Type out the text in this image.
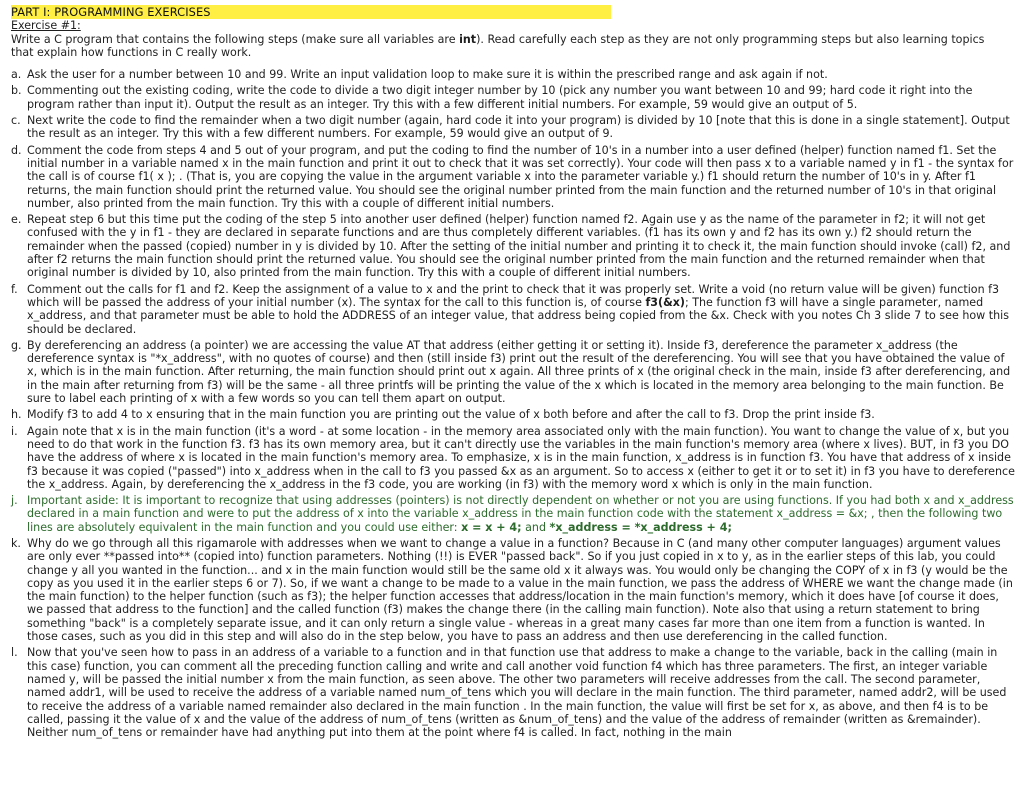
PART I: PROGRAMMING EXERCISES
Exercise #1:
Write a C program that contains the following steps (make sure all variables are int). Read carefully each step as they are not only programming steps but also learning topics that explain how functions in C really work.
a. Ask the user for a number between 10 and 99. Write an input validation loop to make sure it is within the prescribed range and ask again if not.
b. Commenting out the existing coding, write the code to divide a two digit integer number by 10 (pick any number you want between 10 and 99; hard code it right into the program rather than input it). Output the result as an integer. Try this with a few different initial numbers. For example, 59 would give an output of 5.
c. Next write the code to find the remainder when a two digit number (again, hard code it into your program) is divided by 10 [note that this is done in a single statement]. Output the result as an integer. Try this with a few different numbers. For example, 59 would give an output of 9.
d. Comment the code from steps 4 and 5 out of your program, and put the coding to find the number of 10's in a number into a user defined (helper) function named f1. Set the initial number in a variable named x in the main function and print it out to check that it was set correctly). Your code will then pass x to a variable named y in f1 - the syntax for the call is of course f1( x ); . (That is, you are copying the value in the argument variable x into the parameter variable y.) f1 should return the number of 10's in y. After f1 returns, the main function should print the returned value. You should see the original number printed from the main function and the returned number of 10's in that original number, also printed from the main function. Try this with a couple of different initial numbers.
e. Repeat step 6 but this time put the coding of the step 5 into another user defined (helper) function named f2. Again use y as the name of the parameter in f2; it will not get confused with the y in f1 - they are declared in separate functions and are thus completely different variables. (f1 has its own y and f2 has its own y.) f2 should return the remainder when the passed (copied) number in y is divided by 10. After the setting of the initial number and printing it to check it, the main function should invoke (call) f2, and after f2 returns the main function should print the returned value. You should see the original number printed from the main function and the returned remainder when that original number is divided by 10, also printed from the main function. Try this with a couple of different initial numbers.
f. Comment out the calls for f1 and f2. Keep the assignment of a value to x and the print to check that it was properly set. Write a void (no return value will be given) function f3 which will be passed the address of your initial number (x). The syntax for the call to this function is, of course f3(&x); The function f3 will have a single parameter, named x_address, and that parameter must be able to hold the ADDRESS of an integer value, that address being copied from the &x. Check with you notes Ch 3 slide 7 to see how this should be declared.
g. By dereferencing an address (a pointer) we are accessing the value AT that address (either getting it or setting it). Inside f3, dereference the parameter x_address (the dereference syntax is "*x_address", with no quotes of course) and then (still inside f3) print out the result of the dereferencing. You will see that you have obtained the value of x, which is in the main function. After returning, the main function should print out x again. All three prints of x (the original check in the main, inside f3 after dereferencing, and in the main after returning from f3) will be the same - all three printfs will be printing the value of the x which is located in the memory area belonging to the main function. Be sure to label each printing of x with a few words so you can tell them apart on output.
h. Modify f3 to add 4 to x ensuring that in the main function you are printing out the value of x both before and after the call to f3. Drop the print inside f3.
i. Again note that x is in the main function (it's a word - at some location - in the memory area associated only with the main function). You want to change the value of x, but you need to do that work in the function f3. f3 has its own memory area, but it can't directly use the variables in the main function's memory area (where x lives). BUT, in f3 you DO have the address of where x is located in the main function's memory area. To emphasize, x is in the main function, x_address is in function f3. You have that address of x inside f3 because it was copied ("passed") into x_address when in the call to f3 you passed &x as an argument. So to access x (either to get it or to set it) in f3 you have to dereference the x_address. Again, by dereferencing the x_address in the f3 code, you are working (in f3) with the memory word x which is only in the main function.
j. Important aside: It is important to recognize that using addresses (pointers) is not directly dependent on whether or not you are using functions. If you had both x and x_address declared in a main function and were to put the address of x into the variable x_address in the main function code with the statement x_address = &x; , then the following two lines are absolutely equivalent in the main function and you could use either: x = x + 4; and *x_address = *x_address + 4;
k. Why do we go through all this rigamarole with addresses when we want to change a value in a function? Because in C (and many other computer languages) argument values are only ever **passed into** (copied into) function parameters. Nothing (!!) is EVER "passed back". So if you just copied in x to y, as in the earlier steps of this lab, you could change y all you wanted in the function... and x in the main function would still be the same old x it always was. You would only be changing the COPY of x in f3 (y would be the copy as you used it in the earlier steps 6 or 7). So, if we want a change to be made to a value in the main function, we pass the address of WHERE we want the change made (in the main function) to the helper function (such as f3); the helper function accesses that address/location in the main function's memory, which it does have [of course it does, we passed that address to the function] and the called function (f3) makes the change there (in the calling main function). Note also that using a return statement to bring something "back" is a completely separate issue, and it can only return a single value - whereas in a great many cases far more than one item from a function is wanted. In those cases, such as you did in this step and will also do in the step below, you have to pass an address and then use dereferencing in the called function.
l. Now that you've seen how to pass in an address of a variable to a function and in that function use that address to make a change to the variable, back in the calling (main in this case) function, you can comment all the preceding function calling and write and call another void function f4 which has three parameters. The first, an integer variable named y, will be passed the initial number x from the main function, as seen above. The other two parameters will receive addresses from the call. The second parameter, named addr1, will be used to receive the address of a variable named num_of_tens which you will declare in the main function. The third parameter, named addr2, will be used to receive the address of a variable named remainder also declared in the main function . In the main function, the value will first be set for x, as above, and then f4 is to be called, passing it the value of x and the value of the address of num_of_tens (written as &num_of_tens) and the value of the address of remainder (written as &remainder). Neither num_of_tens or remainder have had anything put into them at the point where f4 is called. In fact, nothing in the main
